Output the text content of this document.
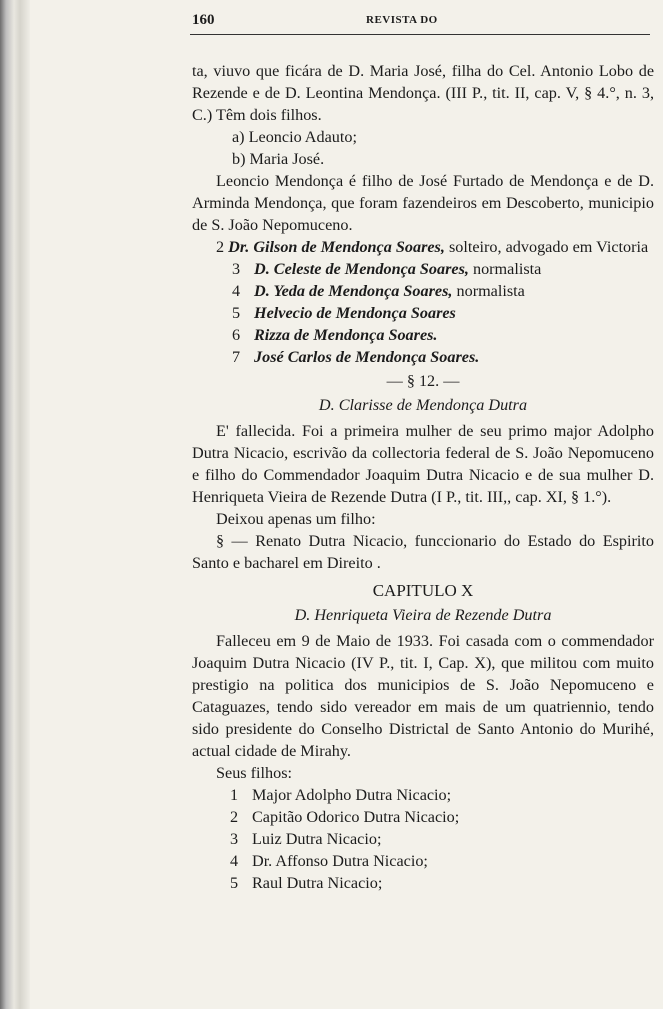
160	REVISTA DO

ta, viuvo que ficára de D. Maria José, filha do Cel. Antonio Lobo de Rezende e de D. Leontina Mendonça. (III P., tit. II, cap. V, § 4.°, n. 3, C.) Têm dois filhos.

a) Leoncio Adauto;

b) Maria José.

Leoncio Mendonça é filho de José Furtado de Mendonça e de D. Arminda Mendonça, que foram fazendeiros em Descoberto, municipio de S. João Nepomuceno.

2 Dr. Gilson de Mendonça Soares, solteiro, advogado em Victoria

3 D. Celeste de Mendonça Soares, normalista

4 D. Yeda de Mendonça Soares, normalista

5 Helvecio de Mendonça Soares

6 Rizza de Mendonça Soares.

7 José Carlos de Mendonça Soares.

— § 12. —

D. Clarisse de Mendonça Dutra

E' fallecida. Foi a primeira mulher de seu primo major Adolpho Dutra Nicacio, escrivão da collectoria federal de S. João Nepomuceno e filho do Commendador Joaquim Dutra Nicacio e de sua mulher D. Henriqueta Vieira de Rezende Dutra (I P., tit. III,, cap. XI, § 1.°).

Deixou apenas um filho:

§ — Renato Dutra Nicacio, funccionario do Estado do Espirito Santo e bacharel em Direito .

CAPITULO X

D. Henriqueta Vieira de Rezende Dutra

Falleceu em 9 de Maio de 1933. Foi casada com o commendador Joaquim Dutra Nicacio (IV P., tit. I, Cap. X), que militou com muito prestigio na politica dos municipios de S. João Nepomuceno e Cataguazes, tendo sido vereador em mais de um quatriennio, tendo sido presidente do Conselho Districtal de Santo Antonio do Murihé, actual cidade de Mirahy.

Seus filhos:

1 Major Adolpho Dutra Nicacio;

2 Capitão Odorico Dutra Nicacio;

3 Luiz Dutra Nicacio;

4 Dr. Affonso Dutra Nicacio;

5 Raul Dutra Nicacio;
